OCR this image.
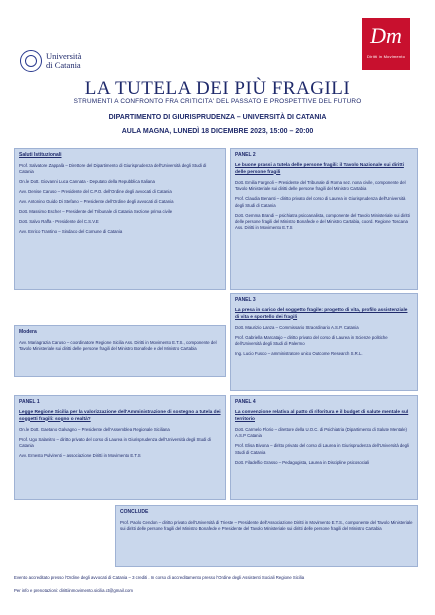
Università
di Catania
Dm
Diritti in Movimento
LA TUTELA DEI PIÙ FRAGILI
STRUMENTI A CONFRONTO FRA CRITICITA' DEL PASSATO E PROSPETTIVE DEL FUTURO
DIPARTIMENTO DI GIURISPRUDENZA – UNIVERSITÀ DI CATANIA
AULA MAGNA, LUNEDÌ 18 DICEMBRE 2023, 15:00 – 20:00
Saluti Istituzionali

Prof. Salvatore Zappalà – Direttore del Dipartimento di Giurisprudenza dell'Università degli Studi di Catania

On.le Dott. Giovanni Luca Cannata - Deputato della Repubblica Italiana

Avv. Denise Caruso – Presidente del C.P.O. dell'Ordine degli avvocati di Catania

Avv. Antonino Guido Di Stefano – Presidente dell'Ordine degli avvocati di Catania

Dott. Massimo Escher – Presidente del Tribunale di Catania Sezione prima civile

Dott. Salvo Raffa - Presidente del C.S.V.E

Avv. Enrico Trantino – Sindaco del Comune di Catania

PANEL 2
Le buone prassi a tutela delle persone fragili: il Tavolo Nazionale sui diritti delle persone fragili

Dott. Emilia Fargnoli – Presidente del Tribunale di Roma sez. nona civile, componente del Tavolo Ministeriale sui diritti delle persone fragili del Ministro Cartabia

Prof. Claudia Benanti – diritto privato del corso di Laurea in Giurisprudenza dell'Università degli Studi di Catania

Dott. Gemma Brandi – psichiatra psicoanalista, componente del Tavolo Ministeriale sui diritti delle persone fragili del Ministro Bonafede e del Ministro Cartabia, coord. Regione Toscana Ass. Diritti in Movimento E.T.S

PANEL 3
La presa in carico del soggetto fragile: progetto di vita, profilo assistenziale di vita e sportello dei fragili

Dott. Maurizio Lanza – Commissario Straordinario A.S.P. Catania

Prof. Gabriella Marcatajo – diritto privato del corso di Laurea in Scienze politiche dell'Università degli Studi di Palermo

Ing. Lucio Fusco – amministratore unico Outcome Research S.R.L.

Modera

Avv. Mariagrazia Caruso – coordinatore Regione Sicilia Ass. Diritti in Movimento E.T.S., componente del Tavolo Ministeriale sui diritti delle persone fragili del Ministro Bonafede e del Ministro Cartabia

PANEL 1
Legge Regione Sicilia per la valorizzazione dell'Amministrazione di sostegno a tutela dei soggetti fragili: sogno o realtà?

On.le Dott. Gaetano Galvagno – Presidente dell'Assemblea Regionale Siciliana

Prof. Ugo Salanitro – diritto privato del corso di Laurea in Giurisprudenza dell'Università degli Studi di Catania

Avv. Ernesto Pulvirenti – associazione Diritti in Movimento E.T.S

PANEL 4
La convenzione relativa al patto di riforitura e il budget di salute mentale sul territorio

Dott. Carmelo Florio – direttore della U.O.C. di Psichiatria (Dipartimento di Salute Mentale) A.S.P Catania

Prof. Elisa Bivona – diritto privato del corso di Laurea in Giurisprudenza dell'Università degli Studi di Catania

Dott. Filadelfio Grasso – Pedagogista, Laurea in Discipline psicosociali

CONCLUDE

Prof. Paolo Cendon – diritto privato dell'Università di Trieste – Presidente dell'Associazione Diritti in Movimento E.T.S., componente del Tavolo Ministeriale sui diritti delle persone fragili del Ministro Bonafede e Presidente del Tavolo Ministeriale sui diritti delle persone fragili del Ministro Cartabia

Evento accreditato presso l'Ordine degli avvocati di Catania – 3 crediti . In corso di accreditamento presso l'Ordine degli Assistenti Sociali Regione Sicilia
Per info e prenotazioni: dirittiinmovimento.sicilia.ct@gmail.com
